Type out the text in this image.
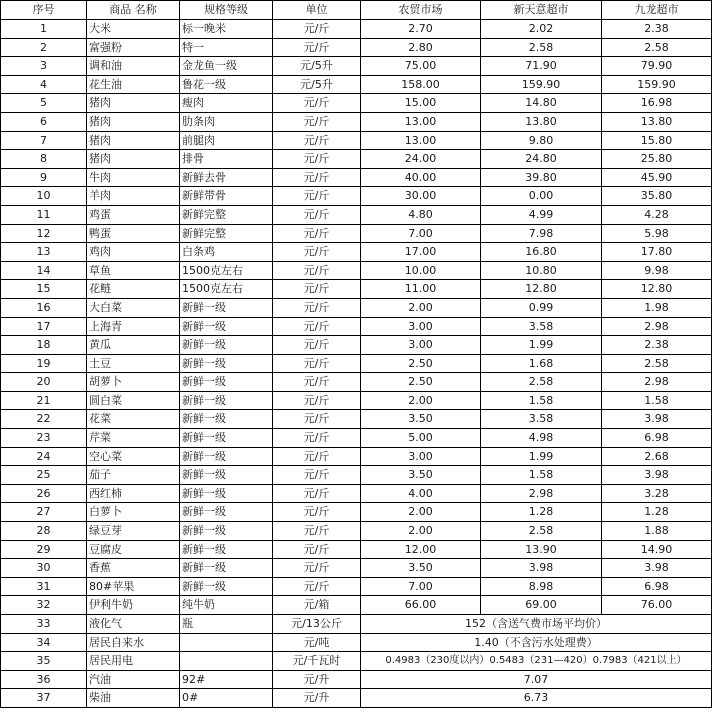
序号	商品 名称	规格等级	单位	农贸市场	新天意超市	九龙超市
1	大米	标一晚米	元/斤	2.70	2.02	2.38
2	富强粉	特一	元/斤	2.80	2.58	2.58
3	调和油	金龙鱼一级	元/5升	75.00	71.90	79.90
4	花生油	鲁花一级	元/5升	158.00	159.90	159.90
5	猪肉	瘦肉	元/斤	15.00	14.80	16.98
6	猪肉	肋条肉	元/斤	13.00	13.80	13.80
7	猪肉	前腿肉	元/斤	13.00	9.80	15.80
8	猪肉	排骨	元/斤	24.00	24.80	25.80
9	牛肉	新鲜去骨	元/斤	40.00	39.80	45.90
10	羊肉	新鲜带骨	元/斤	30.00	0.00	35.80
11	鸡蛋	新鲜完整	元/斤	4.80	4.99	4.28
12	鸭蛋	新鲜完整	元/斤	7.00	7.98	5.98
13	鸡肉	白条鸡	元/斤	17.00	16.80	17.80
14	草鱼	1500克左右	元/斤	10.00	10.80	9.98
15	花鲢	1500克左右	元/斤	11.00	12.80	12.80
16	大白菜	新鲜一级	元/斤	2.00	0.99	1.98
17	上海青	新鲜一级	元/斤	3.00	3.58	2.98
18	黄瓜	新鲜一级	元/斤	3.00	1.99	2.38
19	土豆	新鲜一级	元/斤	2.50	1.68	2.58
20	胡萝卜	新鲜一级	元/斤	2.50	2.58	2.98
21	圆白菜	新鲜一级	元/斤	2.00	1.58	1.58
22	花菜	新鲜一级	元/斤	3.50	3.58	3.98
23	芹菜	新鲜一级	元/斤	5.00	4.98	6.98
24	空心菜	新鲜一级	元/斤	3.00	1.99	2.68
25	茄子	新鲜一级	元/斤	3.50	1.58	3.98
26	西红柿	新鲜一级	元/斤	4.00	2.98	3.28
27	白萝卜	新鲜一级	元/斤	2.00	1.28	1.28
28	绿豆芽	新鲜一级	元/斤	2.00	2.58	1.88
29	豆腐皮	新鲜一级	元/斤	12.00	13.90	14.90
30	香蕉	新鲜一级	元/斤	3.50	3.98	3.98
31	80#苹果	新鲜一级	元/斤	7.00	8.98	6.98
32	伊利牛奶	纯牛奶	元/箱	66.00	69.00	76.00
33	液化气	瓶	元/13公斤	152（含送气费市场平均价）		
34	居民自来水		元/吨	1.40（不含污水处理费）		
35	居民用电		元/千瓦时	0.4983（230度以内）0.5483（231—420）0.7983（421以上）		
36	汽油	92#	元/升	7.07		
37	柴油	0#	元/升	6.73		
